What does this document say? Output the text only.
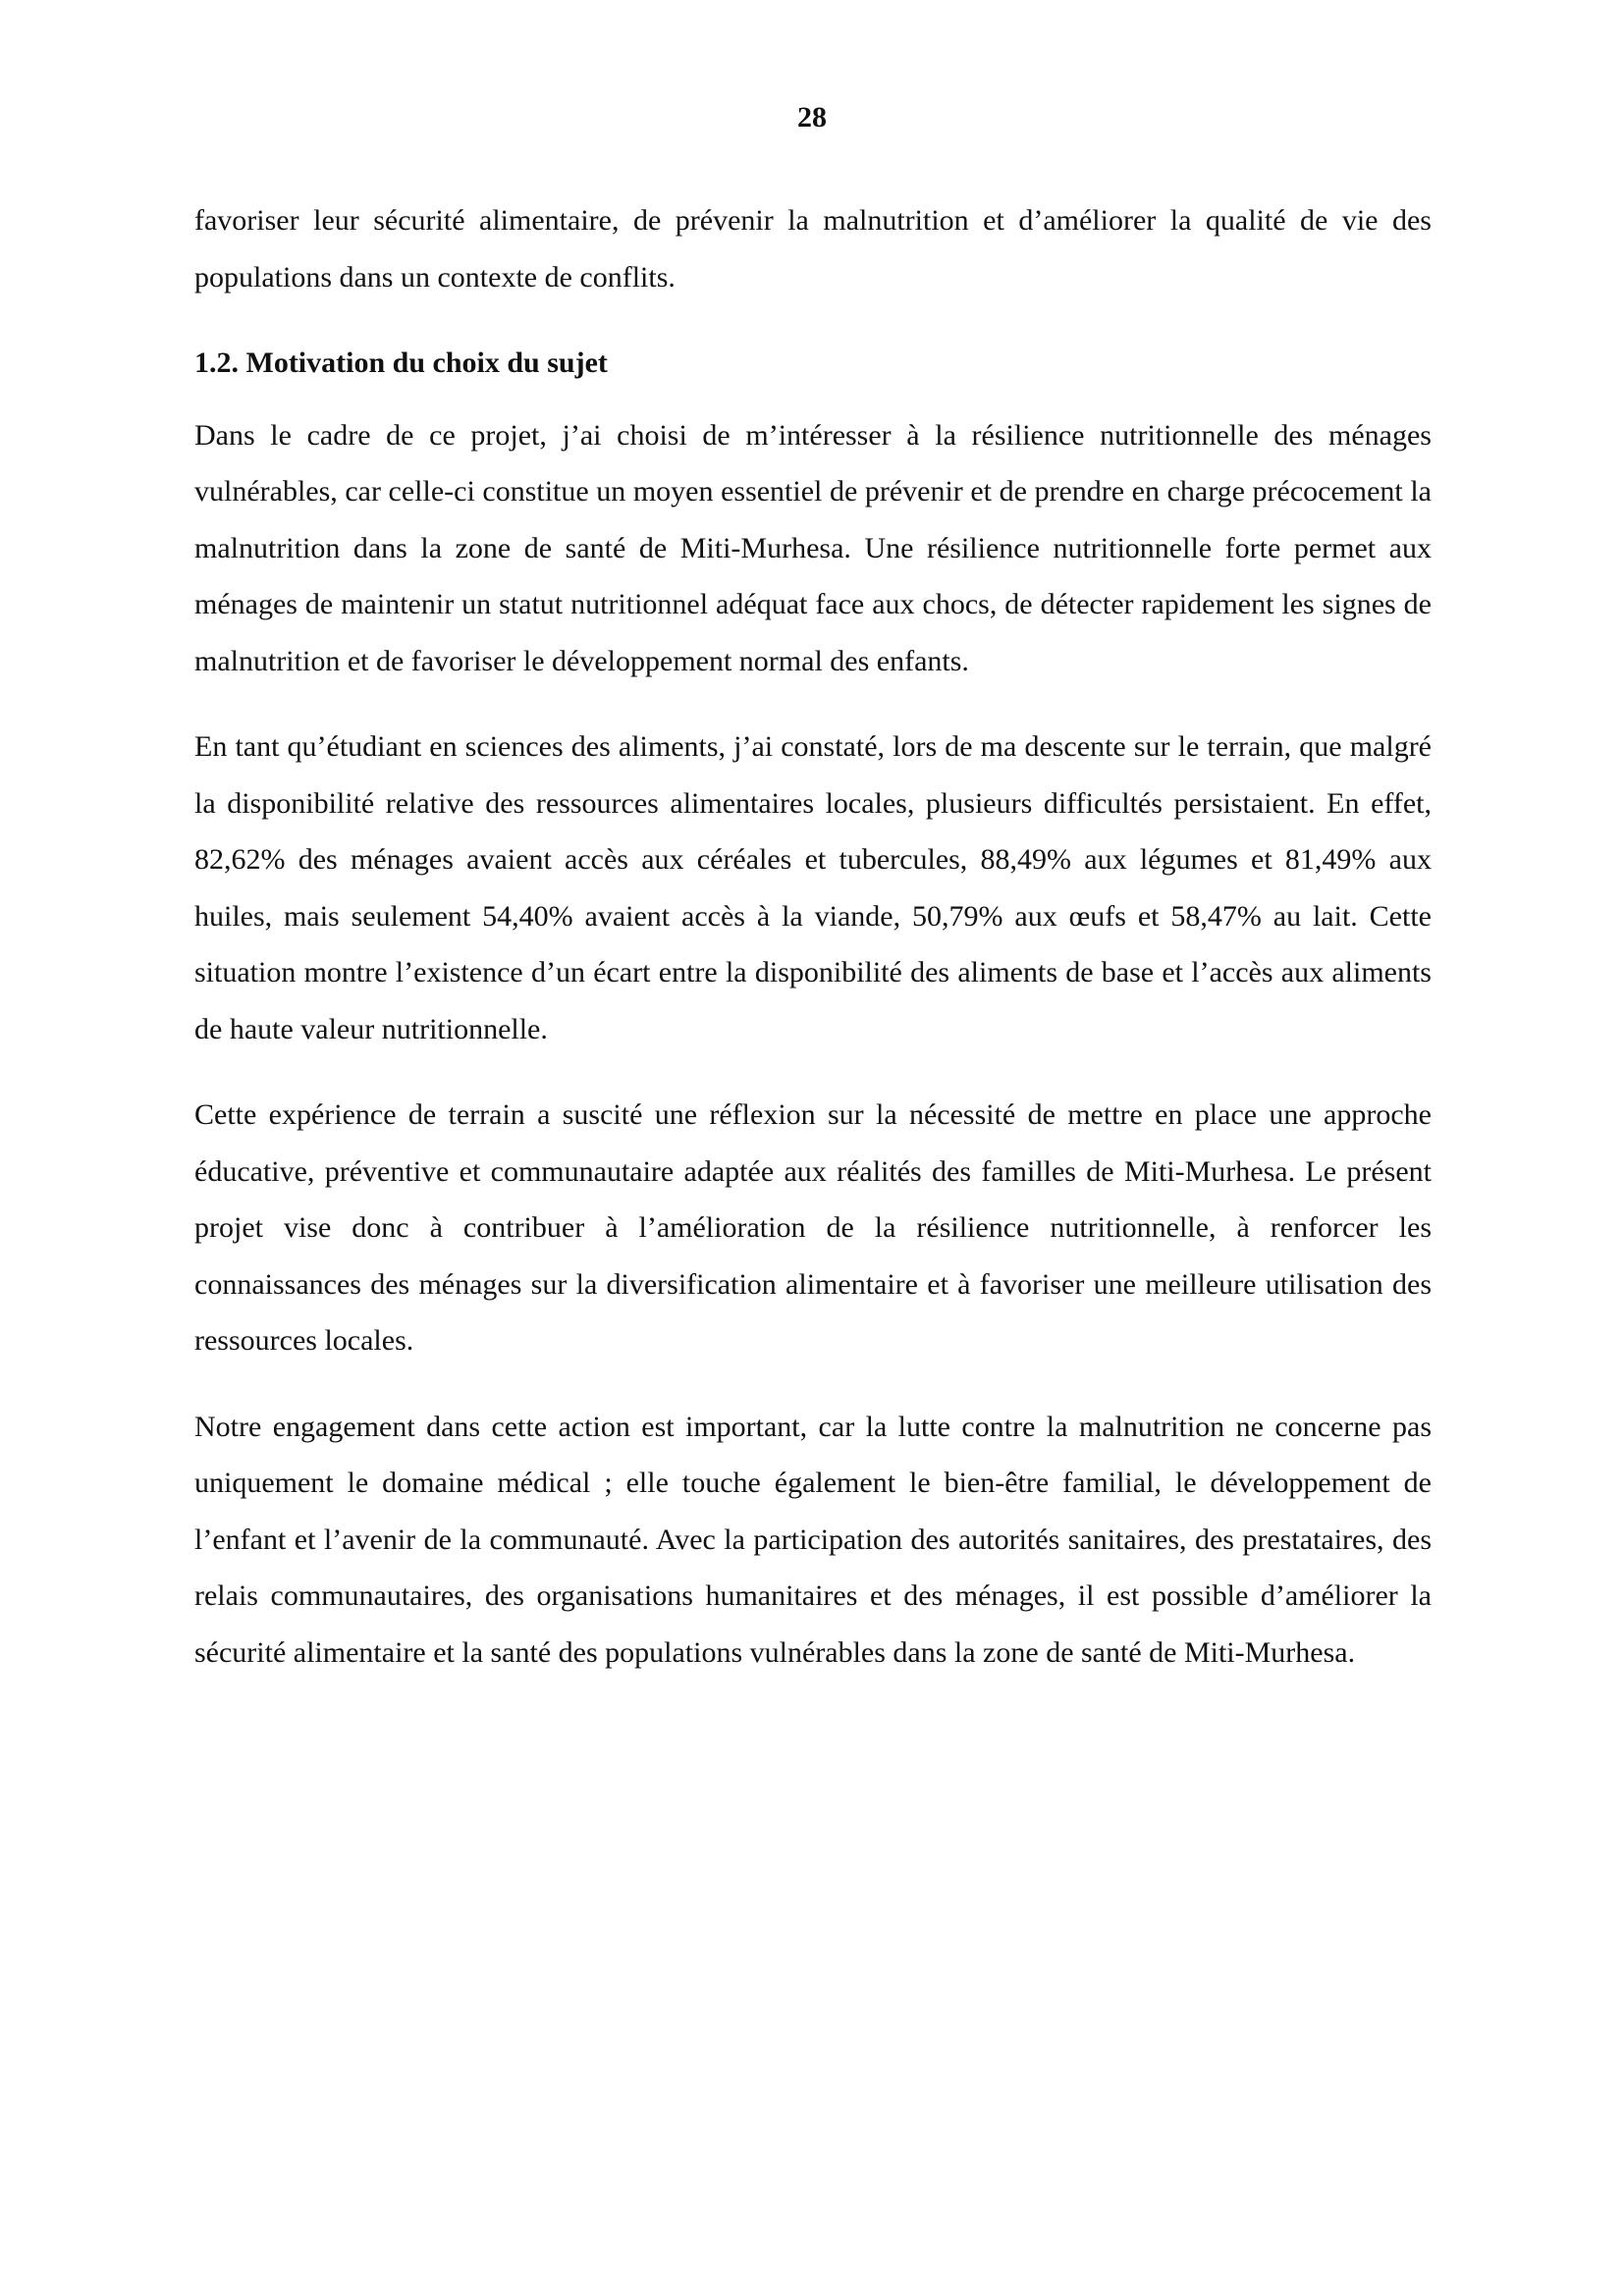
28

favoriser leur sécurité alimentaire, de prévenir la malnutrition et d’améliorer la qualité de vie des populations dans un contexte de conflits.

1.2. Motivation du choix du sujet

Dans le cadre de ce projet, j’ai choisi de m’intéresser à la résilience nutritionnelle des ménages vulnérables, car celle-ci constitue un moyen essentiel de prévenir et de prendre en charge précocement la malnutrition dans la zone de santé de Miti-Murhesa. Une résilience nutritionnelle forte permet aux ménages de maintenir un statut nutritionnel adéquat face aux chocs, de détecter rapidement les signes de malnutrition et de favoriser le développement normal des enfants.

En tant qu’étudiant en sciences des aliments, j’ai constaté, lors de ma descente sur le terrain, que malgré la disponibilité relative des ressources alimentaires locales, plusieurs difficultés persistaient. En effet, 82,62% des ménages avaient accès aux céréales et tubercules, 88,49% aux légumes et 81,49% aux huiles, mais seulement 54,40% avaient accès à la viande, 50,79% aux œufs et 58,47% au lait. Cette situation montre l’existence d’un écart entre la disponibilité des aliments de base et l’accès aux aliments de haute valeur nutritionnelle.

Cette expérience de terrain a suscité une réflexion sur la nécessité de mettre en place une approche éducative, préventive et communautaire adaptée aux réalités des familles de Miti-Murhesa. Le présent projet vise donc à contribuer à l’amélioration de la résilience nutritionnelle, à renforcer les connaissances des ménages sur la diversification alimentaire et à favoriser une meilleure utilisation des ressources locales.

Notre engagement dans cette action est important, car la lutte contre la malnutrition ne concerne pas uniquement le domaine médical ; elle touche également le bien-être familial, le développement de l’enfant et l’avenir de la communauté. Avec la participation des autorités sanitaires, des prestataires, des relais communautaires, des organisations humanitaires et des ménages, il est possible d’améliorer la sécurité alimentaire et la santé des populations vulnérables dans la zone de santé de Miti-Murhesa.
